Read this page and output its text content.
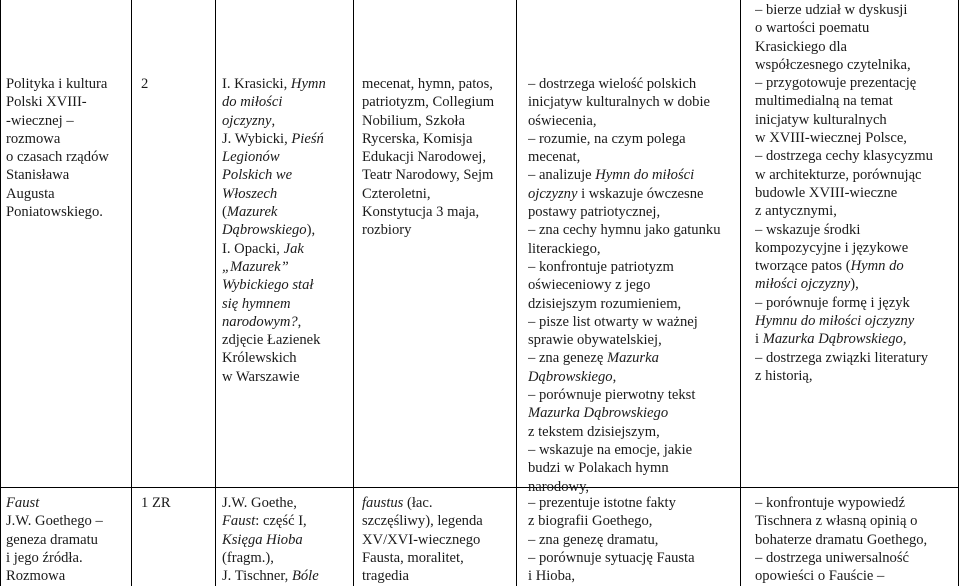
Polityka i kultura
Polski XVIII-
-wiecznej –
rozmowa
o czasach rządów
Stanisława
Augusta
Poniatowskiego.
2	I. Krasicki, Hymn
do miłości
ojczyzny,
J. Wybicki, Pieśń
Legionów
Polskich we
Włoszech
(Mazurek
Dąbrowskiego),
I. Opacki, Jak
„Mazurek”
Wybickiego stał
się hymnem
narodowym?,
zdjęcie Łazienek
Królewskich
w Warszawie
mecenat, hymn, patos,
patriotyzm, Collegium
Nobilium, Szkoła
Rycerska, Komisja
Edukacji Narodowej,
Teatr Narodowy, Sejm
Czteroletni,
Konstytucja 3 maja,
rozbiory
– dostrzega wielość polskich
inicjatyw kulturalnych w dobie
oświecenia,
– rozumie, na czym polega
mecenat,
– analizuje Hymn do miłości
ojczyzny i wskazuje ówczesne
postawy patriotycznej,
– zna cechy hymnu jako gatunku
literackiego,
– konfrontuje patriotyzm
oświeceniowy z jego
dzisiejszym rozumieniem,
– pisze list otwarty w ważnej
sprawie obywatelskiej,
– zna genezę Mazurka
Dąbrowskiego,
– porównuje pierwotny tekst
Mazurka Dąbrowskiego
z tekstem dzisiejszym,
– wskazuje na emocje, jakie
budzi w Polakach hymn
narodowy,
– bierze udział w dyskusji
o wartości poematu
Krasickiego dla
współczesnego czytelnika,
– przygotowuje prezentację
multimedialną na temat
inicjatyw kulturalnych
w XVIII-wiecznej Polsce,
– dostrzega cechy klasycyzmu
w architekturze, porównując
budowle XVIII-wieczne
z antycznymi,
– wskazuje środki
kompozycyjne i językowe
tworzące patos (Hymn do
miłości ojczyzny),
– porównuje formę i język
Hymnu do miłości ojczyzny
i Mazurka Dąbrowskiego,
– dostrzega związki literatury
z historią,
Faust
J.W. Goethego –
geneza dramatu
i jego źródła.
Rozmowa
1 ZR	J.W. Goethe,
Faust: część I,
Księga Hioba
(fragm.),
J. Tischner, Bóle
faustus (łac.
szczęśliwy), legenda
XV/XVI-wiecznego
Fausta, moralitet,
tragedia
– prezentuje istotne fakty
z biografii Goethego,
– zna genezę dramatu,
– porównuje sytuację Fausta
i Hioba,
– konfrontuje wypowiedź
Tischnera z własną opinią o
bohaterze dramatu Goethego,
– dostrzega uniwersalność
opowieści o Fauście –
